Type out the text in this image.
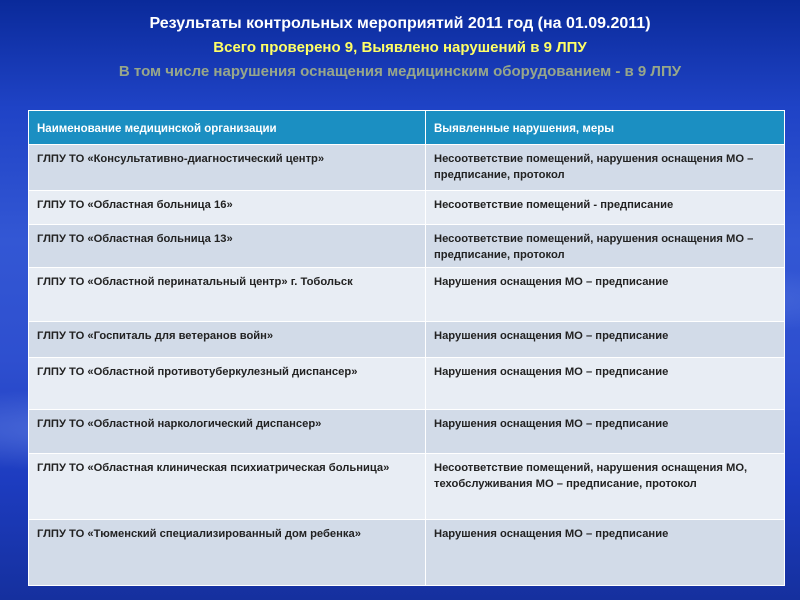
Результаты контрольных мероприятий 2011 год (на 01.09.2011)
Всего проверено 9, Выявлено нарушений в 9 ЛПУ
В том числе нарушения оснащения медицинским оборудованием - в 9 ЛПУ
Наименование медицинской организации	Выявленные нарушения, меры
ГЛПУ ТО «Консультативно-диагностический центр»	Несоответствие помещений, нарушения оснащения МО – предписание, протокол
ГЛПУ ТО «Областная больница 16»	Несоответствие помещений - предписание
ГЛПУ ТО «Областная больница 13»	Несоответствие помещений, нарушения оснащения МО – предписание, протокол
ГЛПУ ТО «Областной перинатальный центр» г. Тобольск	Нарушения оснащения МО – предписание
ГЛПУ ТО «Госпиталь для ветеранов войн»	Нарушения оснащения МО – предписание
ГЛПУ ТО «Областной противотуберкулезный диспансер»	Нарушения оснащения МО – предписание
ГЛПУ ТО «Областной наркологический диспансер»	Нарушения оснащения МО – предписание
ГЛПУ ТО «Областная клиническая психиатрическая больница»	Несоответствие помещений, нарушения оснащения МО, техобслуживания МО – предписание, протокол
ГЛПУ ТО «Тюменский специализированный дом ребенка»	Нарушения оснащения МО – предписание
